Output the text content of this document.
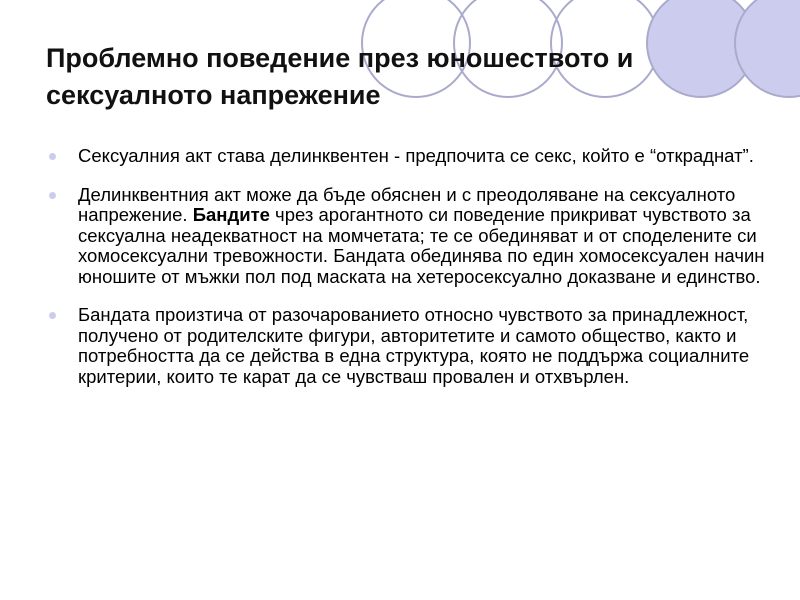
Проблемно поведение през юношеството и
сексуалното напрежение
Сексуалния акт става делинквентен - предпочита се секс, който е “откраднат”.
Делинквентния акт може да бъде обяснен и с преодоляване на сексуалното напрежение. Бандите чрез арогантното си поведение прикриват чувството за сексуална неадекватност на момчетата; те се обединяват и от споделените си хомосексуални тревожности. Бандата обединява по един хомосексуален начин юношите от мъжки пол под маската на хетеросексуално доказване и единство.
Бандата произтича от разочарованието относно чувството за принадлежност, получено от родителските фигури, авторитетите и самото общество, както и потребността да се действа в една структура, която не поддържа социалните критерии, които те карат да се чувстваш провален и отхвърлен.
